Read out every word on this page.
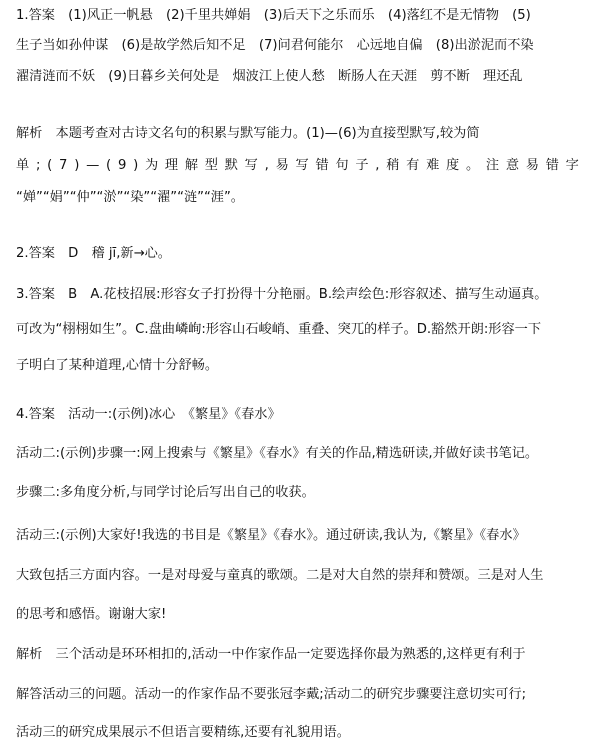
1.答案　(1)风正一帆悬　(2)千里共婵娟　(3)后天下之乐而乐　(4)落红不是无情物　(5)
生子当如孙仲谋　(6)是故学然后知不足　(7)问君何能尔　心远地自偏　(8)出淤泥而不染
濯清涟而不妖　(9)日暮乡关何处是　烟波江上使人愁　断肠人在天涯　剪不断　理还乱
解析　本题考查对古诗文名句的积累与默写能力。(1)—(6)为直接型默写,较为简
单 ; ( 7 ) — ( 9 ) 为 理 解 型 默 写 , 易 写 错 句 子 , 稍 有 难 度 。 注 意 易 错 字
“婵”“娟”“仲”“淤”“染”“濯”“涟”“涯”。
2.答案　D　稽 jī,新→心。
3.答案　B　A.花枝招展:形容女子打扮得十分艳丽。B.绘声绘色:形容叙述、描写生动逼真。
可改为“栩栩如生”。C.盘曲嶙峋:形容山石峻峭、重叠、突兀的样子。D.豁然开朗:形容一下
子明白了某种道理,心情十分舒畅。
4.答案　活动一:(示例)冰心　《繁星》《春水》
活动二:(示例)步骤一:网上搜索与《繁星》《春水》有关的作品,精选研读,并做好读书笔记。
步骤二:多角度分析,与同学讨论后写出自己的收获。
活动三:(示例)大家好!我选的书目是《繁星》《春水》。通过研读,我认为,《繁星》《春水》
大致包括三方面内容。一是对母爱与童真的歌颂。二是对大自然的崇拜和赞颂。三是对人生
的思考和感悟。谢谢大家!
解析　三个活动是环环相扣的,活动一中作家作品一定要选择你最为熟悉的,这样更有利于
解答活动三的问题。活动一的作家作品不要张冠李戴;活动二的研究步骤要注意切实可行;
活动三的研究成果展示不但语言要精练,还要有礼貌用语。
